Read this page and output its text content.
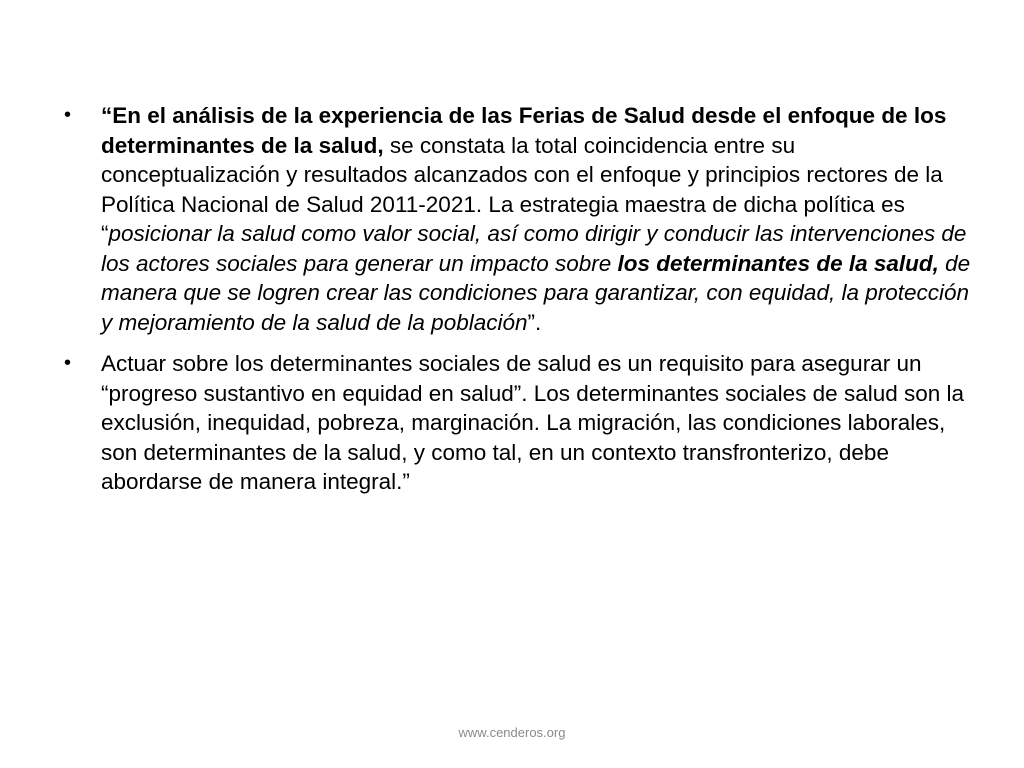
•	“En el análisis de la experiencia de las Ferias de Salud desde el enfoque de los determinantes de la salud, se constata la total coincidencia entre su conceptualización y resultados alcanzados con el enfoque y principios rectores de la Política Nacional de Salud 2011-2021. La estrategia maestra de dicha política es “posicionar la salud como valor social, así como dirigir y conducir las intervenciones de los actores sociales para generar un impacto sobre los determinantes de la salud, de manera que se logren crear las condiciones para garantizar, con equidad, la protección y mejoramiento de la salud de la población”.
•	Actuar sobre los determinantes sociales de salud es un requisito para asegurar un “progreso sustantivo en equidad en salud”. Los determinantes sociales de salud son la exclusión, inequidad, pobreza, marginación. La migración, las condiciones laborales, son determinantes de la salud, y como tal, en un contexto transfronterizo, debe abordarse de manera integral.”
www.cenderos.org
